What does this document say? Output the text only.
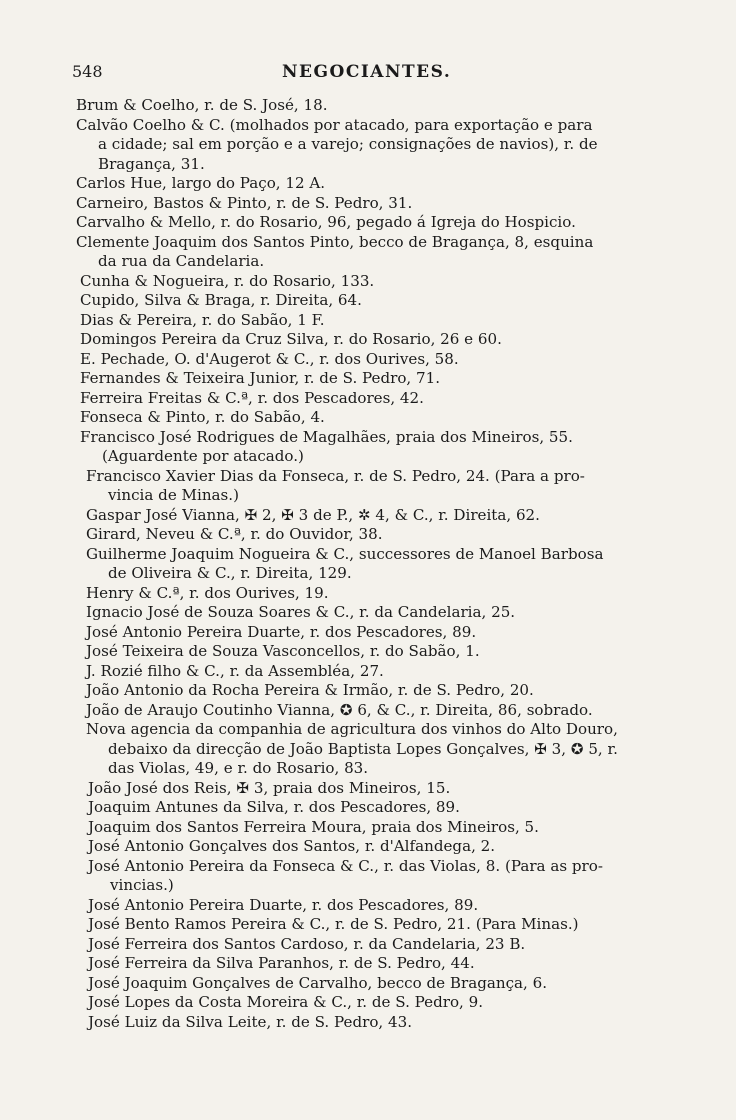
548	NEGOCIANTES.
Brum & Coelho, r. de S. José, 18.
Calvão Coelho & C. (molhados por atacado, para exportação e para
a cidade; sal em porção e a varejo; consignações de navios), r. de
Bragança, 31.
Carlos Hue, largo do Paço, 12 A.
Carneiro, Bastos & Pinto, r. de S. Pedro, 31.
Carvalho & Mello, r. do Rosario, 96, pegado á Igreja do Hospicio.
Clemente Joaquim dos Santos Pinto, becco de Bragança, 8, esquina
da rua da Candelaria.
Cunha & Nogueira, r. do Rosario, 133.
Cupido, Silva & Braga, r. Direita, 64.
Dias & Pereira, r. do Sabão, 1 F.
Domingos Pereira da Cruz Silva, r. do Rosario, 26 e 60.
E. Pechade, O. d'Augerot & C., r. dos Ourives, 58.
Fernandes & Teixeira Junior, r. de S. Pedro, 71.
Ferreira Freitas & C.ª, r. dos Pescadores, 42.
Fonseca & Pinto, r. do Sabão, 4.
Francisco José Rodrigues de Magalhães, praia dos Mineiros, 55.
(Aguardente por atacado.)
Francisco Xavier Dias da Fonseca, r. de S. Pedro, 24. (Para a pro-
vincia de Minas.)
Gaspar José Vianna, ✠ 2, ✠ 3 de P., ✲ 4, & C., r. Direita, 62.
Girard, Neveu & C.ª, r. do Ouvidor, 38.
Guilherme Joaquim Nogueira & C., successores de Manoel Barbosa
de Oliveira & C., r. Direita, 129.
Henry & C.ª, r. dos Ourives, 19.
Ignacio José de Souza Soares & C., r. da Candelaria, 25.
José Antonio Pereira Duarte, r. dos Pescadores, 89.
José Teixeira de Souza Vasconcellos, r. do Sabão, 1.
J. Rozié filho & C., r. da Assembléa, 27.
João Antonio da Rocha Pereira & Irmão, r. de S. Pedro, 20.
João de Araujo Coutinho Vianna, ✪ 6, & C., r. Direita, 86, sobrado.
Nova agencia da companhia de agricultura dos vinhos do Alto Douro,
debaixo da direcção de João Baptista Lopes Gonçalves, ✠ 3, ✪ 5, r.
das Violas, 49, e r. do Rosario, 83.
João José dos Reis, ✠ 3, praia dos Mineiros, 15.
Joaquim Antunes da Silva, r. dos Pescadores, 89.
Joaquim dos Santos Ferreira Moura, praia dos Mineiros, 5.
José Antonio Gonçalves dos Santos, r. d'Alfandega, 2.
José Antonio Pereira da Fonseca & C., r. das Violas, 8. (Para as pro-
vincias.)
José Antonio Pereira Duarte, r. dos Pescadores, 89.
José Bento Ramos Pereira & C., r. de S. Pedro, 21. (Para Minas.)
José Ferreira dos Santos Cardoso, r. da Candelaria, 23 B.
José Ferreira da Silva Paranhos, r. de S. Pedro, 44.
José Joaquim Gonçalves de Carvalho, becco de Bragança, 6.
José Lopes da Costa Moreira & C., r. de S. Pedro, 9.
José Luiz da Silva Leite, r. de S. Pedro, 43.
